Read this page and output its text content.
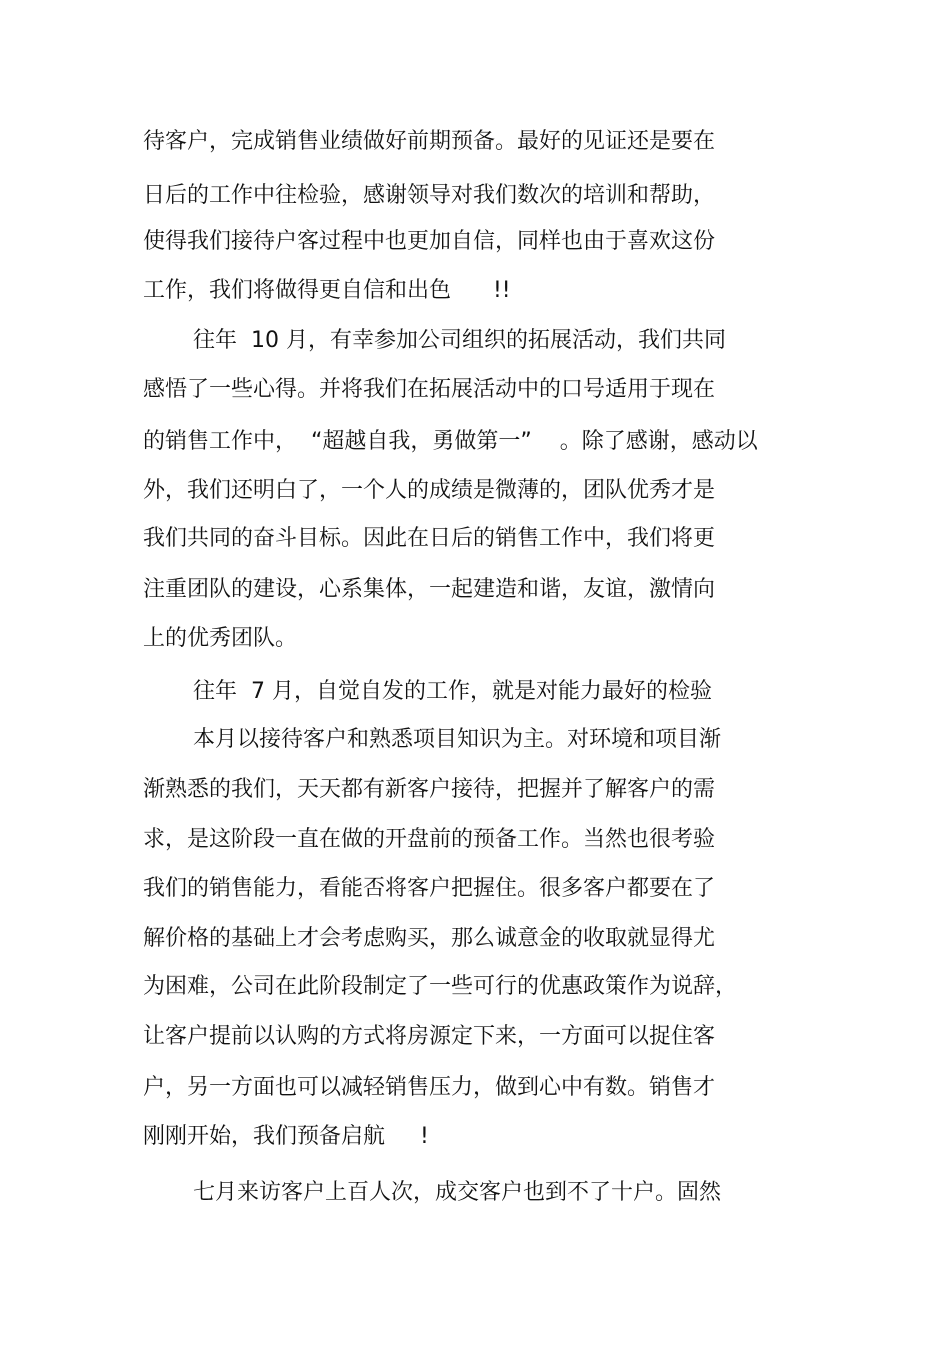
待客户，完成销售业绩做好前期预备。最好的见证还是要在
日后的工作中往检验，感谢领导对我们数次的培训和帮助，
使得我们接待户客过程中也更加自信，同样也由于喜欢这份
工作，我们将做得更自信和出色      !!
往年  10 月，有幸参加公司组织的拓展活动，我们共同
感悟了一些心得。并将我们在拓展活动中的口号适用于现在
的销售工作中，  “超越自我，勇做第一”    。除了感谢，感动以
外，我们还明白了，一个人的成绩是微薄的，团队优秀才是
我们共同的奋斗目标。因此在日后的销售工作中，我们将更
注重团队的建设，心系集体，一起建造和谐，友谊，激情向
上的优秀团队。
往年  7 月，自觉自发的工作，就是对能力最好的检验
本月以接待客户和熟悉项目知识为主。对环境和项目渐
渐熟悉的我们，天天都有新客户接待，把握并了解客户的需
求，是这阶段一直在做的开盘前的预备工作。当然也很考验
我们的销售能力，看能否将客户把握住。很多客户都要在了
解价格的基础上才会考虑购买，那么诚意金的收取就显得尤
为困难，公司在此阶段制定了一些可行的优惠政策作为说辞，
让客户提前以认购的方式将房源定下来，一方面可以捉住客
户，另一方面也可以减轻销售压力，做到心中有数。销售才
刚刚开始，我们预备启航     !
七月来访客户上百人次，成交客户也到不了十户。固然
